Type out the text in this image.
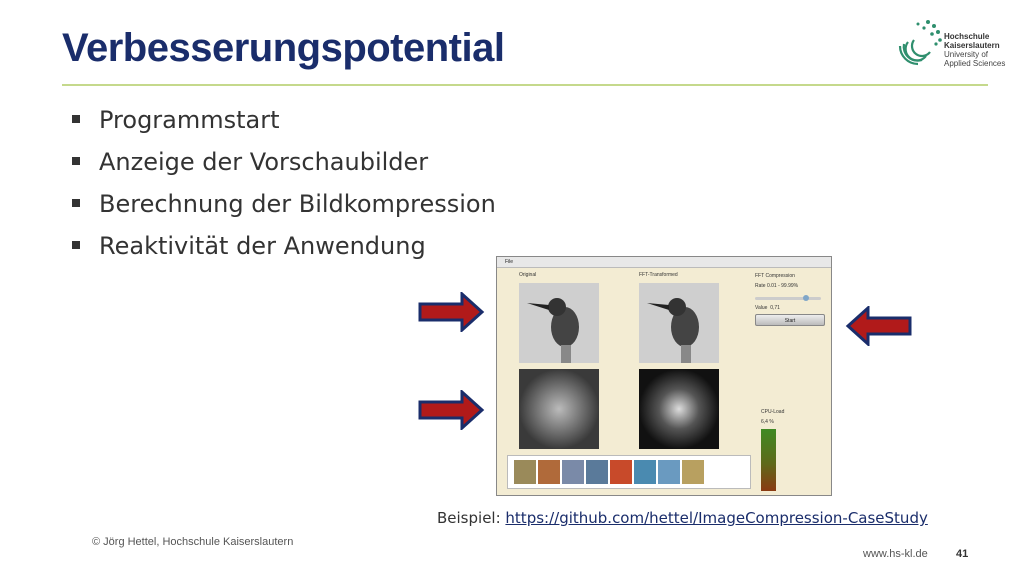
Verbesserungspotential	Hochschule
Kaiserslautern
University of
Applied Sciences
Programmstart
Anzeige der Vorschaubilder
Berechnung der Bildkompression
Reaktivität der Anwendung
File
Original	FFT-Transformed	FFT Compression
Rate 0.01 - 99.99%
Value 0,71
Start
CPU-Load
6,4 %
Beispiel: https://github.com/hettel/ImageCompression-CaseStudy
© Jörg Hettel, Hochschule Kaiserslautern
www.hs-kl.de	41
